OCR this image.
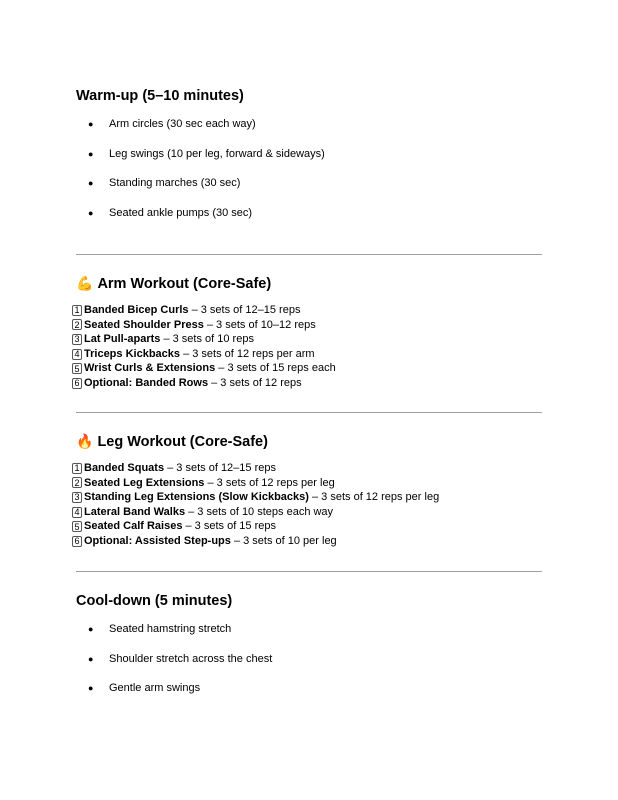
Warm-up (5–10 minutes)
● Arm circles (30 sec each way)
● Leg swings (10 per leg, forward & sideways)
● Standing marches (30 sec)
● Seated ankle pumps (30 sec)
💪 Arm Workout (Core-Safe)
1 Banded Bicep Curls – 3 sets of 12–15 reps
2 Seated Shoulder Press – 3 sets of 10–12 reps
3 Lat Pull-aparts – 3 sets of 10 reps
4 Triceps Kickbacks – 3 sets of 12 reps per arm
5 Wrist Curls & Extensions – 3 sets of 15 reps each
6 Optional: Banded Rows – 3 sets of 12 reps
🔥 Leg Workout (Core-Safe)
1 Banded Squats – 3 sets of 12–15 reps
2 Seated Leg Extensions – 3 sets of 12 reps per leg
3 Standing Leg Extensions (Slow Kickbacks) – 3 sets of 12 reps per leg
4 Lateral Band Walks – 3 sets of 10 steps each way
5 Seated Calf Raises – 3 sets of 15 reps
6 Optional: Assisted Step-ups – 3 sets of 10 per leg
Cool-down (5 minutes)
● Seated hamstring stretch
● Shoulder stretch across the chest
● Gentle arm swings
